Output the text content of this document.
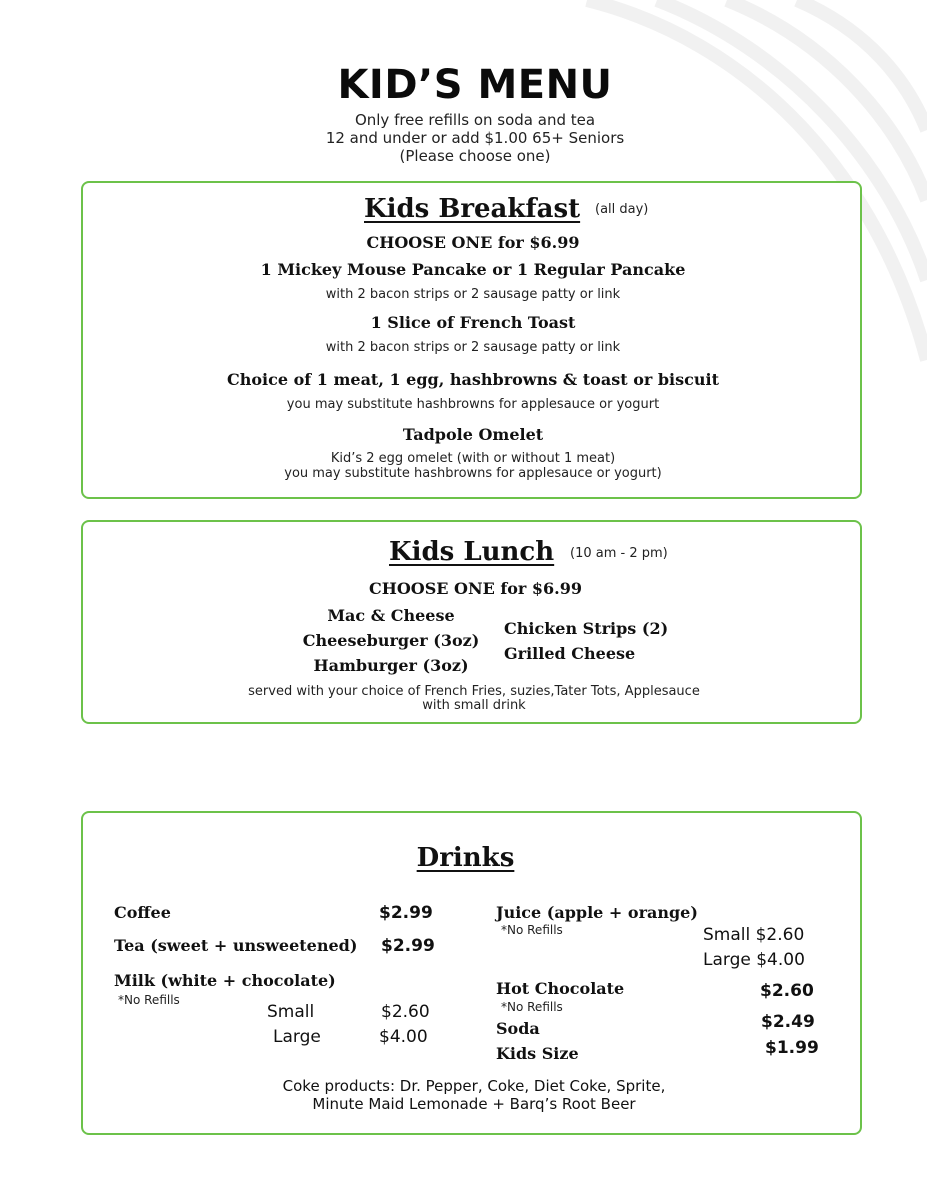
KID’S MENU
Only free refills on soda and tea
12 and under or add $1.00 65+ Seniors
(Please choose one)
Kids Breakfast (all day)
CHOOSE ONE for $6.99
1 Mickey Mouse Pancake or 1 Regular Pancake
with 2 bacon strips or 2 sausage patty or link
1 Slice of French Toast
with 2 bacon strips or 2 sausage patty or link
Choice of 1 meat, 1 egg, hashbrowns & toast or biscuit
you may substitute hashbrowns for applesauce or yogurt
Tadpole Omelet
Kid’s 2 egg omelet (with or without 1 meat)
you may substitute hashbrowns for applesauce or yogurt)
Kids Lunch (10 am - 2 pm)
CHOOSE ONE for $6.99
Mac & Cheese
Cheeseburger (3oz)
Hamburger (3oz)
Chicken Strips (2)
Grilled Cheese
served with your choice of French Fries, suzies,Tater Tots, Applesauce
with small drink
Drinks
Coffee	$2.99
Tea (sweet + unsweetened) $2.99
Milk (white + chocolate)
*No Refills
Small	$2.60
Large	$4.00
Juice (apple + orange)
*No Refills	Small $2.60
Large $4.00
Hot Chocolate	$2.60
*No Refills
Soda	$2.49
Kids Size	$1.99
Coke products: Dr. Pepper, Coke, Diet Coke, Sprite,
Minute Maid Lemonade + Barq’s Root Beer
